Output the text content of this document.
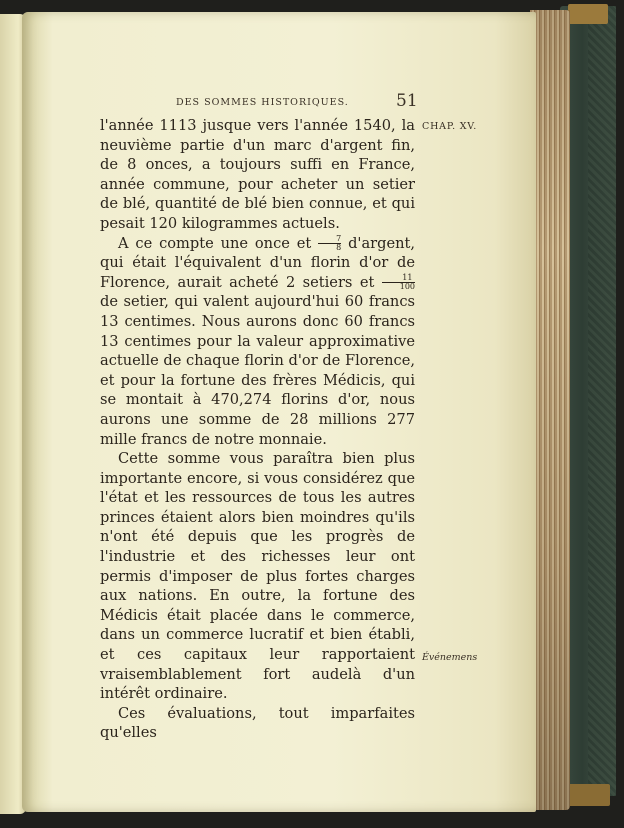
DES SOMMES HISTORIQUES.	51
CHAP. XV.

l'année 1113 jusque vers l'année 1540, la neuvième partie d'un marc d'argent fin, de 8 onces, a toujours suffi en France, année commune, pour acheter un setier de blé, quantité de blé bien connue, et qui pesait 120 kilogrammes actuels.

A ce compte une once et $\frac{7}{8}$ d'argent, qui était l'équivalent d'un florin d'or de Florence, aurait acheté 2 setiers et $\frac{11}{100}$
de setier, qui valent aujourd'hui 60 francs 13 centimes. Nous aurons donc 60 francs 13 centimes pour la valeur approximative actuelle de chaque florin d'or de Florence, et pour la fortune des frères Médicis, qui se montait à 470,274 florins d'or, nous aurons une somme de 28 millions 277 mille francs de notre monnaie.

Cette somme vous paraîtra bien plus importante encore, si vous considérez que l'état et les ressources de tous les autres princes étaient alors bien moindres qu'ils n'ont été depuis que les progrès de l'industrie et des richesses leur ont permis d'imposer de plus fortes charges aux nations. En outre, la fortune des Médicis était placée dans le commerce, dans un commerce lucratif et bien établi, et ces capitaux leur rapportaient vraisemblablement fort audelà d'un intérêt ordinaire.

Ces évaluations, tout imparfaites qu'elles

Événemens
